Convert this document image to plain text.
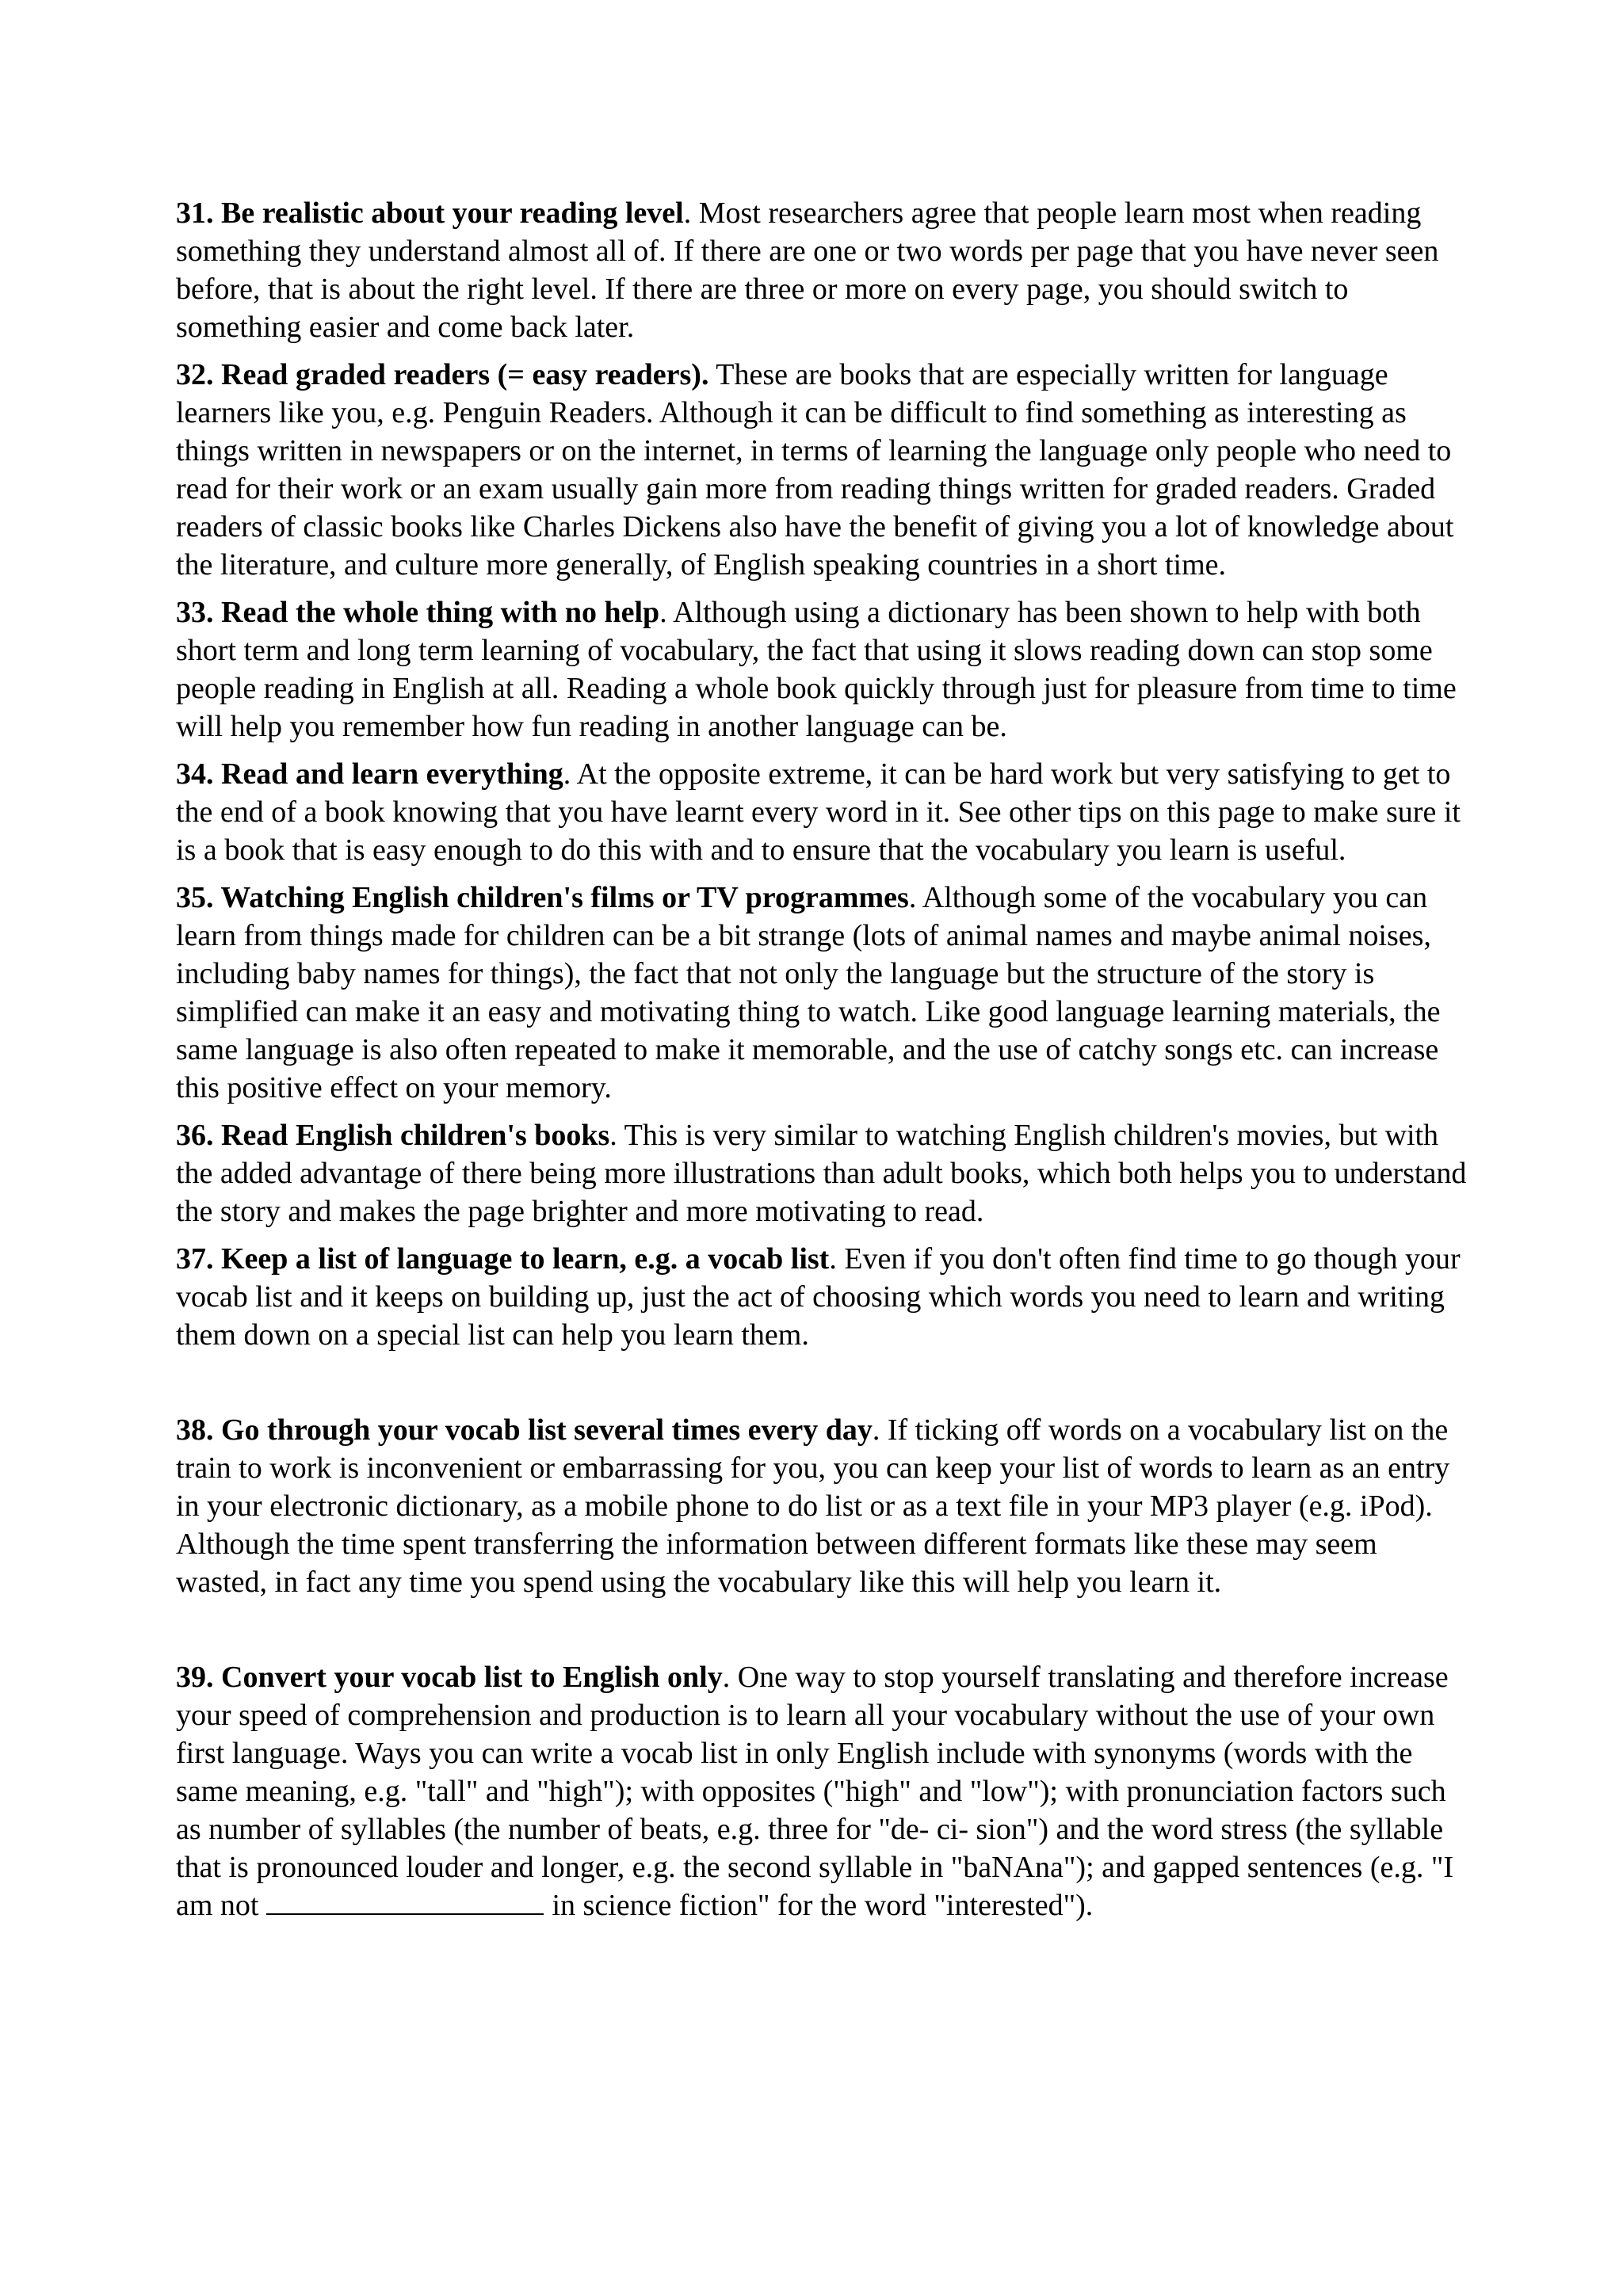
31. Be realistic about your reading level. Most researchers agree that people learn most when reading something they understand almost all of. If there are one or two words per page that you have never seen before, that is about the right level. If there are three or more on every page, you should switch to something easier and come back later.

32. Read graded readers (= easy readers). These are books that are especially written for language learners like you, e.g. Penguin Readers. Although it can be difficult to find something as interesting as things written in newspapers or on the internet, in terms of learning the language only people who need to read for their work or an exam usually gain more from reading things written for graded readers. Graded readers of classic books like Charles Dickens also have the benefit of giving you a lot of knowledge about the literature, and culture more generally, of English speaking countries in a short time.

33. Read the whole thing with no help. Although using a dictionary has been shown to help with both short term and long term learning of vocabulary, the fact that using it slows reading down can stop some people reading in English at all. Reading a whole book quickly through just for pleasure from time to time will help you remember how fun reading in another language can be.

34. Read and learn everything. At the opposite extreme, it can be hard work but very satisfying to get to the end of a book knowing that you have learnt every word in it. See other tips on this page to make sure it is a book that is easy enough to do this with and to ensure that the vocabulary you learn is useful.

35. Watching English children's films or TV programmes. Although some of the vocabulary you can learn from things made for children can be a bit strange (lots of animal names and maybe animal noises, including baby names for things), the fact that not only the language but the structure of the story is simplified can make it an easy and motivating thing to watch. Like good language learning materials, the same language is also often repeated to make it memorable, and the use of catchy songs etc. can increase this positive effect on your memory.

36. Read English children's books. This is very similar to watching English children's movies, but with the added advantage of there being more illustrations than adult books, which both helps you to understand the story and makes the page brighter and more motivating to read.

37. Keep a list of language to learn, e.g. a vocab list. Even if you don't often find time to go though your vocab list and it keeps on building up, just the act of choosing which words you need to learn and writing them down on a special list can help you learn them.

38. Go through your vocab list several times every day. If ticking off words on a vocabulary list on the train to work is inconvenient or embarrassing for you, you can keep your list of words to learn as an entry in your electronic dictionary, as a mobile phone to do list or as a text file in your MP3 player (e.g. iPod). Although the time spent transferring the information between different formats like these may seem wasted, in fact any time you spend using the vocabulary like this will help you learn it.

39. Convert your vocab list to English only. One way to stop yourself translating and therefore increase your speed of comprehension and production is to learn all your vocabulary without the use of your own first language. Ways you can write a vocab list in only English include with synonyms (words with the same meaning, e.g. "tall" and "high"); with opposites ("high" and "low"); with pronunciation factors such as number of syllables (the number of beats, e.g. three for "de- ci- sion") and the word stress (the syllable that is pronounced louder and longer, e.g. the second syllable in "baNAna"); and gapped sentences (e.g. "I am not	in science fiction" for the word "interested").
